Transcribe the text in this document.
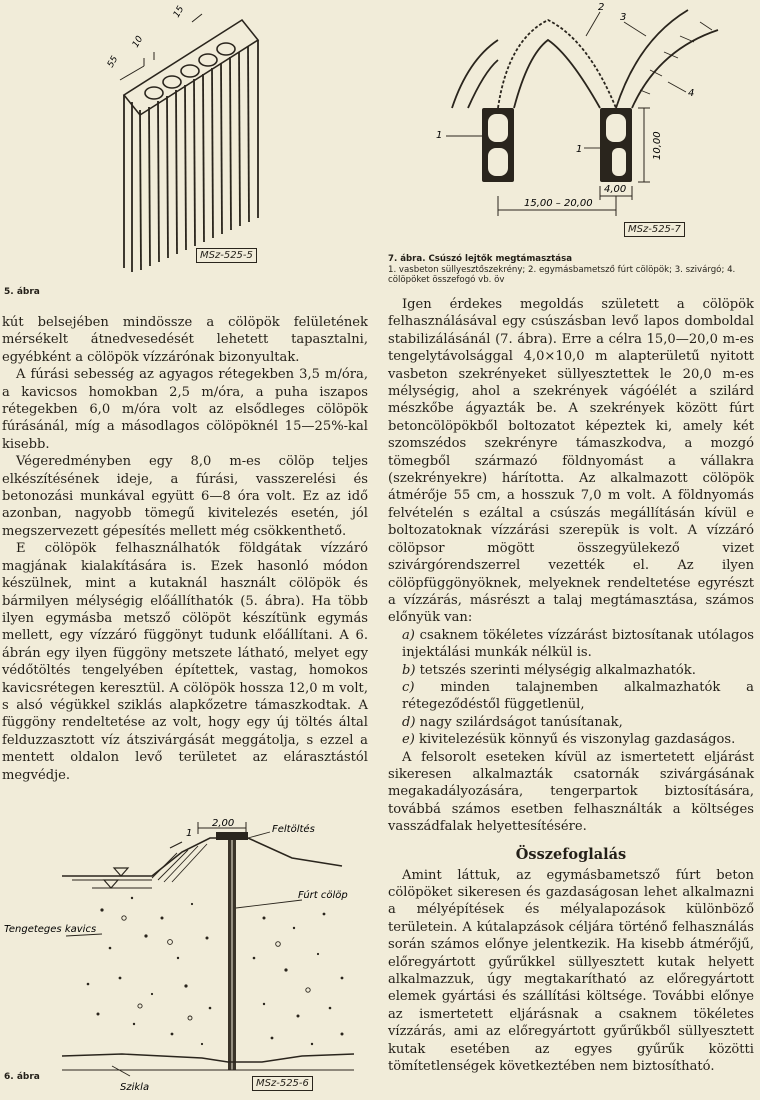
55
10
15
MSz-525-5
5. ábra

kút belsejében mindössze a cölöpök felületének mérsékelt átnedvesedését lehetett tapasztalni, egyébként a cölöpök vízzárónak bizonyultak.

A fúrási sebesség az agyagos rétegekben 3,5 m/óra, a kavicsos homokban 2,5 m/óra, a puha iszapos rétegekben 6,0 m/óra volt az elsődleges cölöpök fúrásánál, míg a másodlagos cölöpöknél 15—25%-kal kisebb.

Végeredményben egy 8,0 m-es cölöp teljes elkészítésének ideje, a fúrási, vasszerelési és betonozási munkával együtt 6—8 óra volt. Ez az idő azonban, nagyobb tömegű kivitelezés esetén, jól megszervezett gépesítés mellett még csökkenthető.

E cölöpök felhasználhatók földgátak vízzáró magjának kialakítására is. Ezek hasonló módon készülnek, mint a kutaknál használt cölöpök és bármilyen mélységig előállíthatók (5. ábra). Ha több ilyen egymásba metsző cölöpöt készítünk egymás mellett, egy vízzáró függönyt tudunk előállítani. A 6. ábrán egy ilyen függöny metszete látható, melyet egy védőtöltés tengelyében építettek, vastag, homokos kavicsrétegen keresztül. A cölöpök hossza 12,0 m volt, s alsó végükkel sziklás alapkőzetre támaszkodtak. A függöny rendeltetése az volt, hogy egy új töltés által felduzzasztott víz átszivárgását meggátolja, s ezzel a mentett oldalon levő területet az elárasztástól megvédje.

2,00
Feltöltés
Fúrt cölöp
Tengeteges kavics
Szikla
1
MSz-525-6
6. ábra
1
2
3
4
1
15,00 – 20,00
4,00
10,00
MSz-525-7

7. ábra. Csúszó lejtők megtámasztása

1. vasbeton süllyesztőszekrény; 2. egymásbametsző fúrt cölöpök; 3. szivárgó; 4. cölöpöket összefogó vb. öv

Igen érdekes megoldás született a cölöpök felhasználásával egy csúszásban levő lapos domboldal stabilizálásánál (7. ábra). Erre a célra 15,0—20,0 m-es tengelytávolsággal 4,0×10,0 m alapterületű nyitott vasbeton szekrényeket süllyesztettek le 20,0 m-es mélységig, ahol a szekrények vágóélét a szilárd mészkőbe ágyazták be. A szekrények között fúrt betoncölöpökből boltozatot képeztek ki, amely két szomszédos szekrényre támaszkodva, a mozgó tömegből származó földnyomást a vállakra (szekrényekre) hárította. Az alkalmazott cölöpök átmérője 55 cm, a hosszuk 7,0 m volt. A földnyomás felvételén s ezáltal a csúszás megállításán kívül e boltozatoknak vízzárási szerepük is volt. A vízzáró cölöpsor mögött összegyülekező vizet szivárgórendszerrel vezették el. Az ilyen cölöpfüggönyöknek, melyeknek rendeltetése egyrészt a vízzárás, másrészt a talaj megtámasztása, számos előnyük van:

a) csaknem tökéletes vízzárást biztosítanak utólagos injektálási munkák nélkül is.

b) tetszés szerinti mélységig alkalmazhatók.

c) minden talajnemben alkalmazhatók a rétegeződéstől függetlenül,

d) nagy szilárdságot tanúsítanak,

e) kivitelezésük könnyű és viszonylag gazdaságos.

A felsorolt eseteken kívül az ismertetett eljárást sikeresen alkalmazták csatornák szivárgásának megakadályozására, tengerpartok biztosítására, továbbá számos esetben felhasználták a költséges vasszádfalak helyettesítésére.

Összefoglalás

Amint láttuk, az egymásbametsző fúrt beton cölöpöket sikeresen és gazdaságosan lehet alkalmazni a mélyépítések és mélyalapozások különböző területein. A kútalapzások céljára történő felhasználás során számos előnye jelentkezik. Ha kisebb átmérőjű, előregyártott gyűrűkkel süllyesztett kutak helyett alkalmazzuk, úgy megtakarítható az előregyártott elemek gyártási és szállítási költsége. További előnye az ismertetett eljárásnak a csaknem tökéletes vízzárás, ami az előregyártott gyűrűkből süllyesztett kutak esetében az egyes gyűrűk közötti tömítetlenségek következtében nem biztosítható.
